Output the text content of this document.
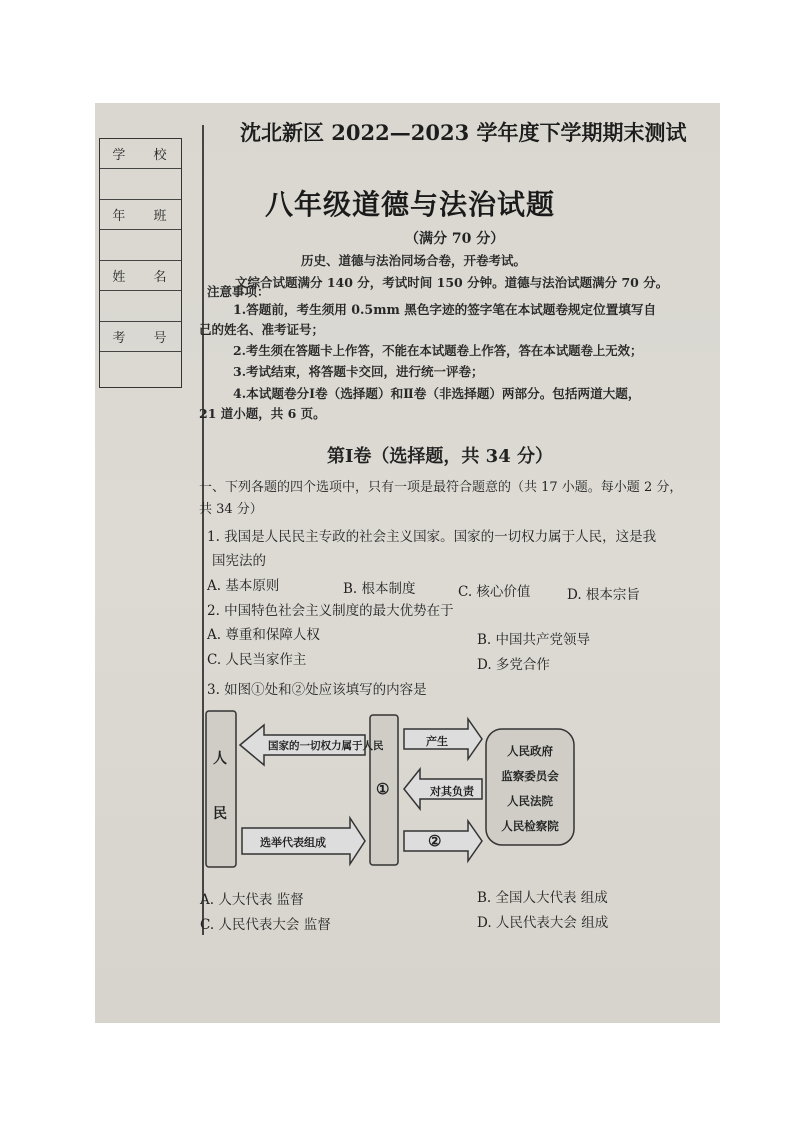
学 校
年 班
姓 名
考 号
沈北新区 2022—2023 学年度下学期期末测试
八年级道德与法治试题
（满分 70 分）
历史、道德与法治同场合卷，开卷考试。
文综合试题满分 140 分，考试时间 150 分钟。道德与法治试题满分 70 分。
注意事项：
1.答题前，考生须用 0.5mm 黑色字迹的签字笔在本试题卷规定位置填写自
己的姓名、准考证号；
2.考生须在答题卡上作答，不能在本试题卷上作答，答在本试题卷上无效；
3.考试结束，将答题卡交回，进行统一评卷；
4.本试题卷分Ⅰ卷（选择题）和Ⅱ卷（非选择题）两部分。包括两道大题，
21 道小题，共 6 页。
第Ⅰ卷（选择题，共 34 分）
一、下列各题的四个选项中，只有一项是最符合题意的（共 17 小题。每小题 2 分，
共 34 分）
1. 我国是人民民主专政的社会主义国家。国家的一切权力属于人民，这是我
国宪法的
A. 基本原则	B. 根本制度	C. 核心价值	D. 根本宗旨
2. 中国特色社会主义制度的最大优势在于
A. 尊重和保障人权	B. 中国共产党领导
C. 人民当家作主	D. 多党合作
3. 如图①处和②处应该填写的内容是
人
民
国家的一切权力属于人民
选举代表组成
①
②
产生
对其负责
人民政府
监察委员会
人民法院
人民检察院
A. 人大代表 监督	B. 全国人大代表 组成
C. 人民代表大会 监督	D. 人民代表大会 组成
